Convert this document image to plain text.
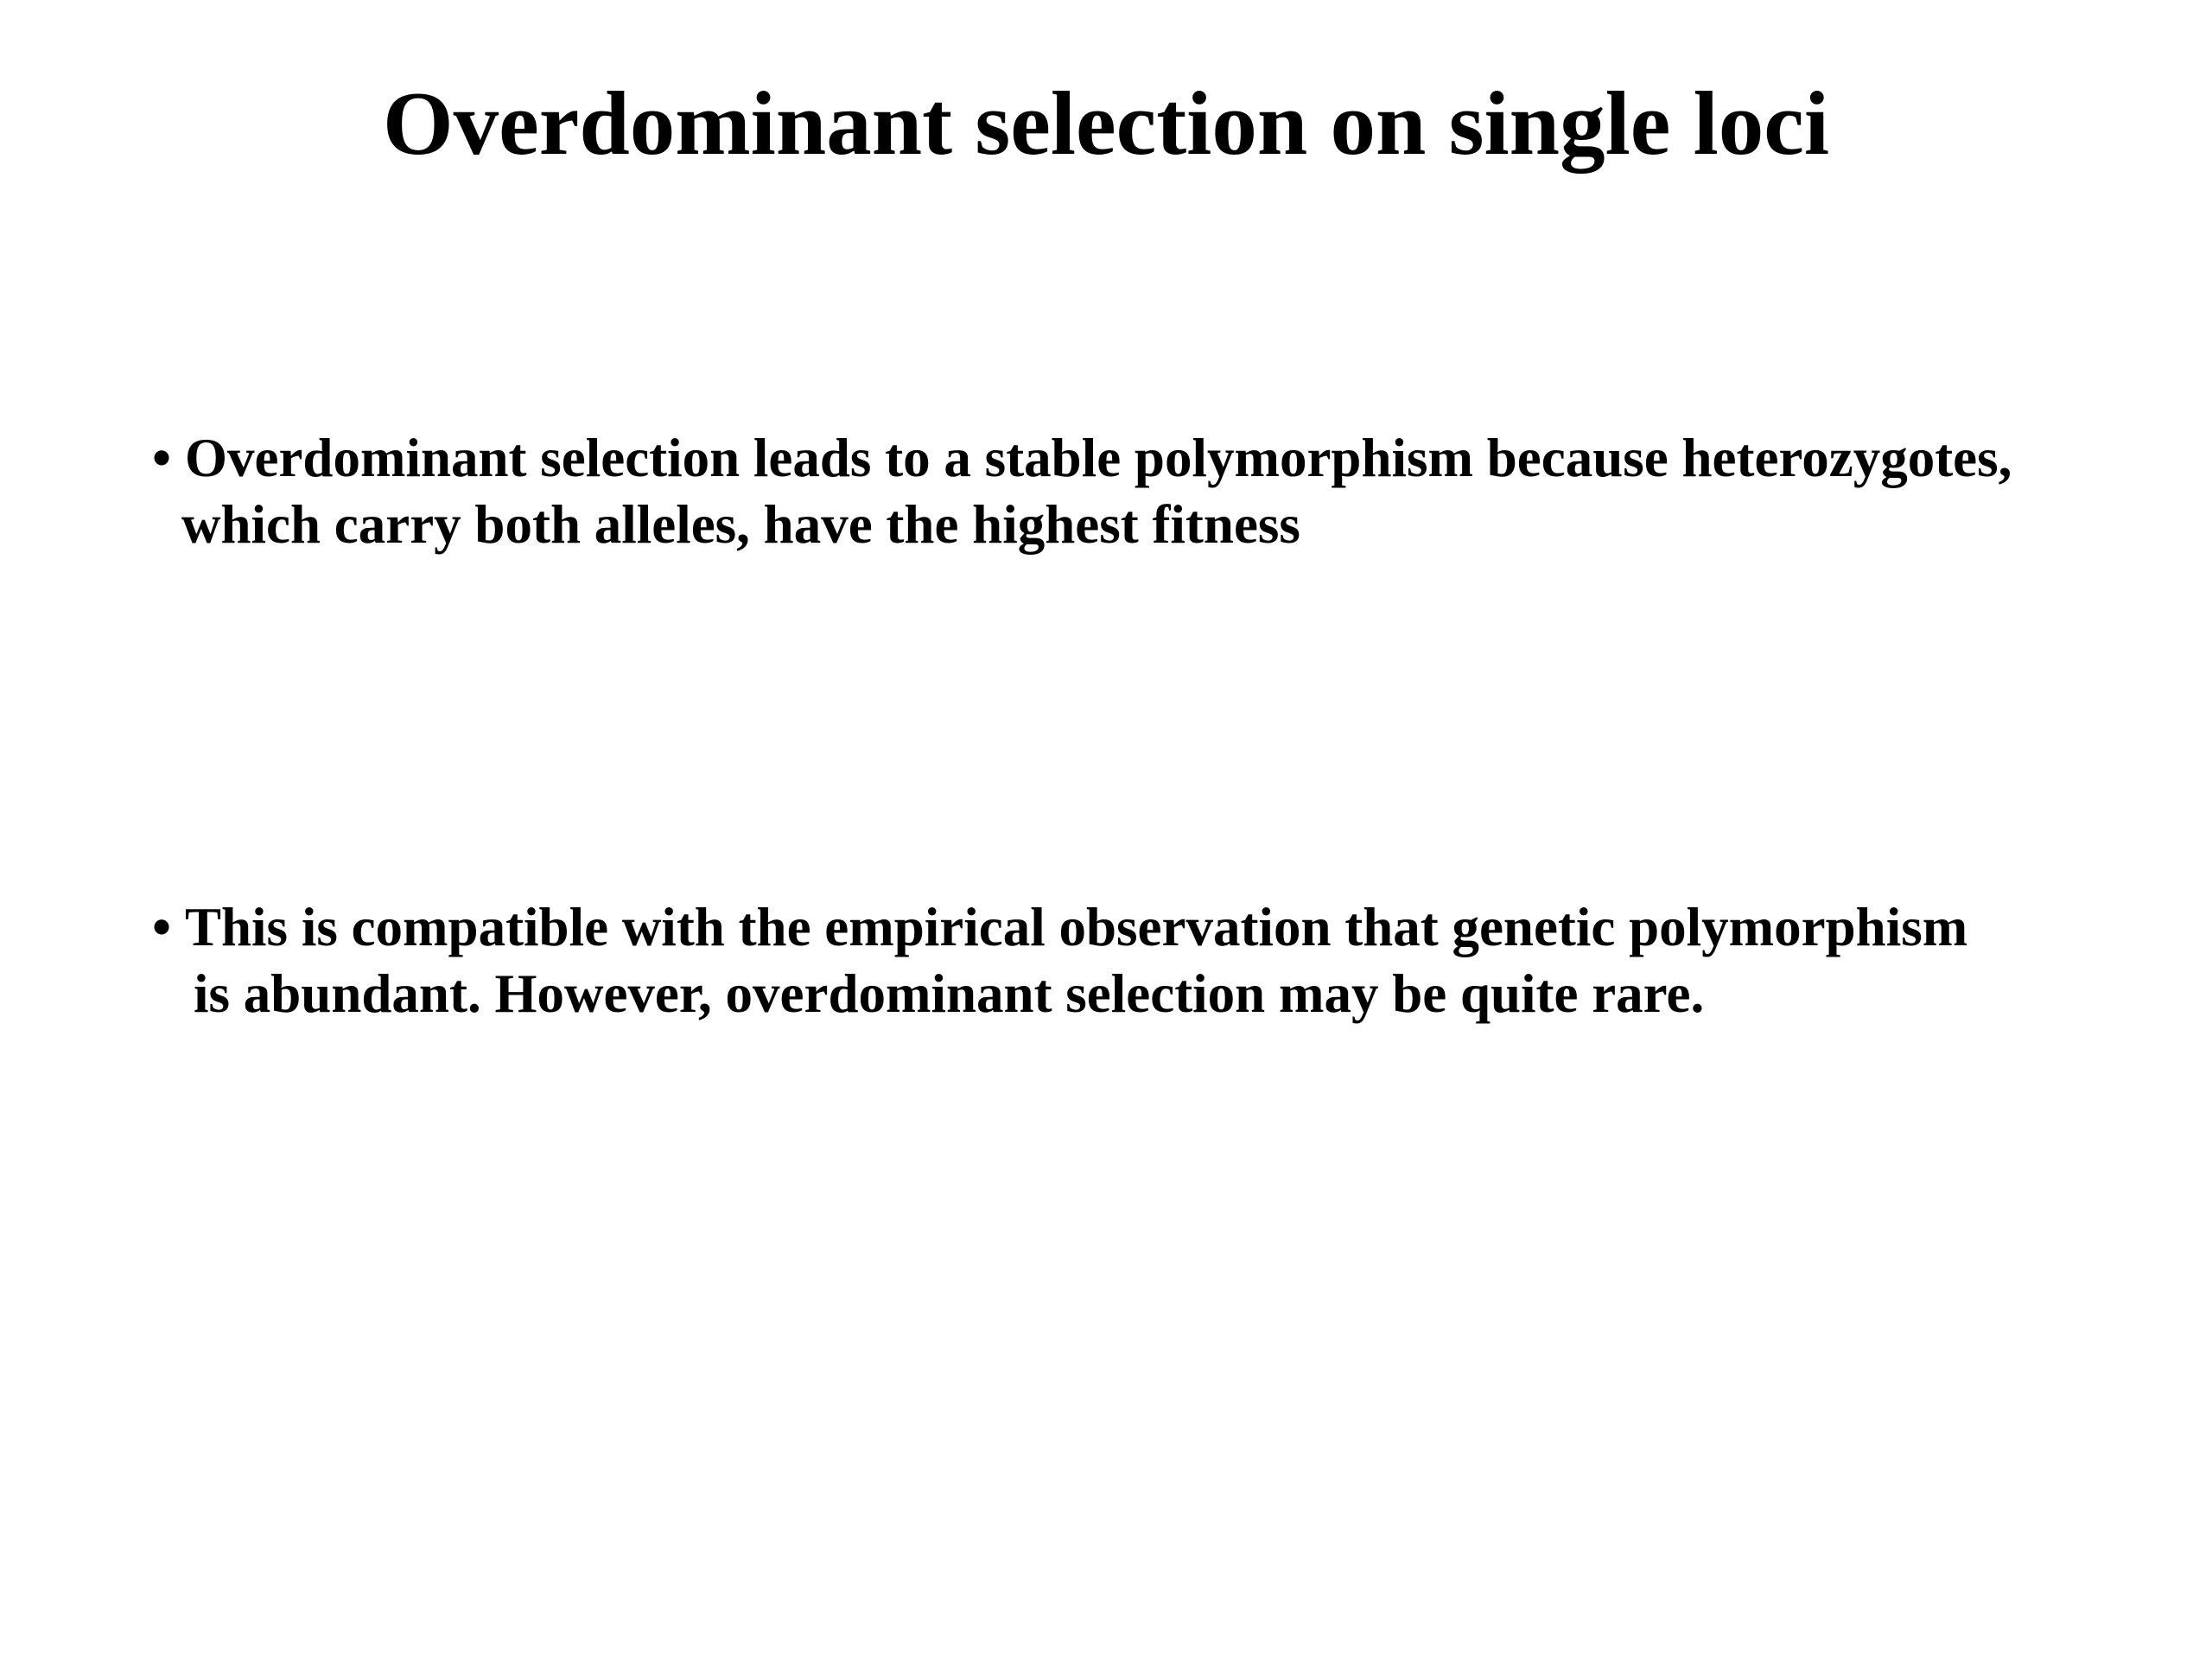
Overdominant selection on single loci
• Overdominant selection leads to a stable polymorphism because heterozygotes,
which carry both alleles, have the highest fitness
• This is compatible with the empirical observation that genetic polymorphism
is abundant. However, overdominant selection may be quite rare.
